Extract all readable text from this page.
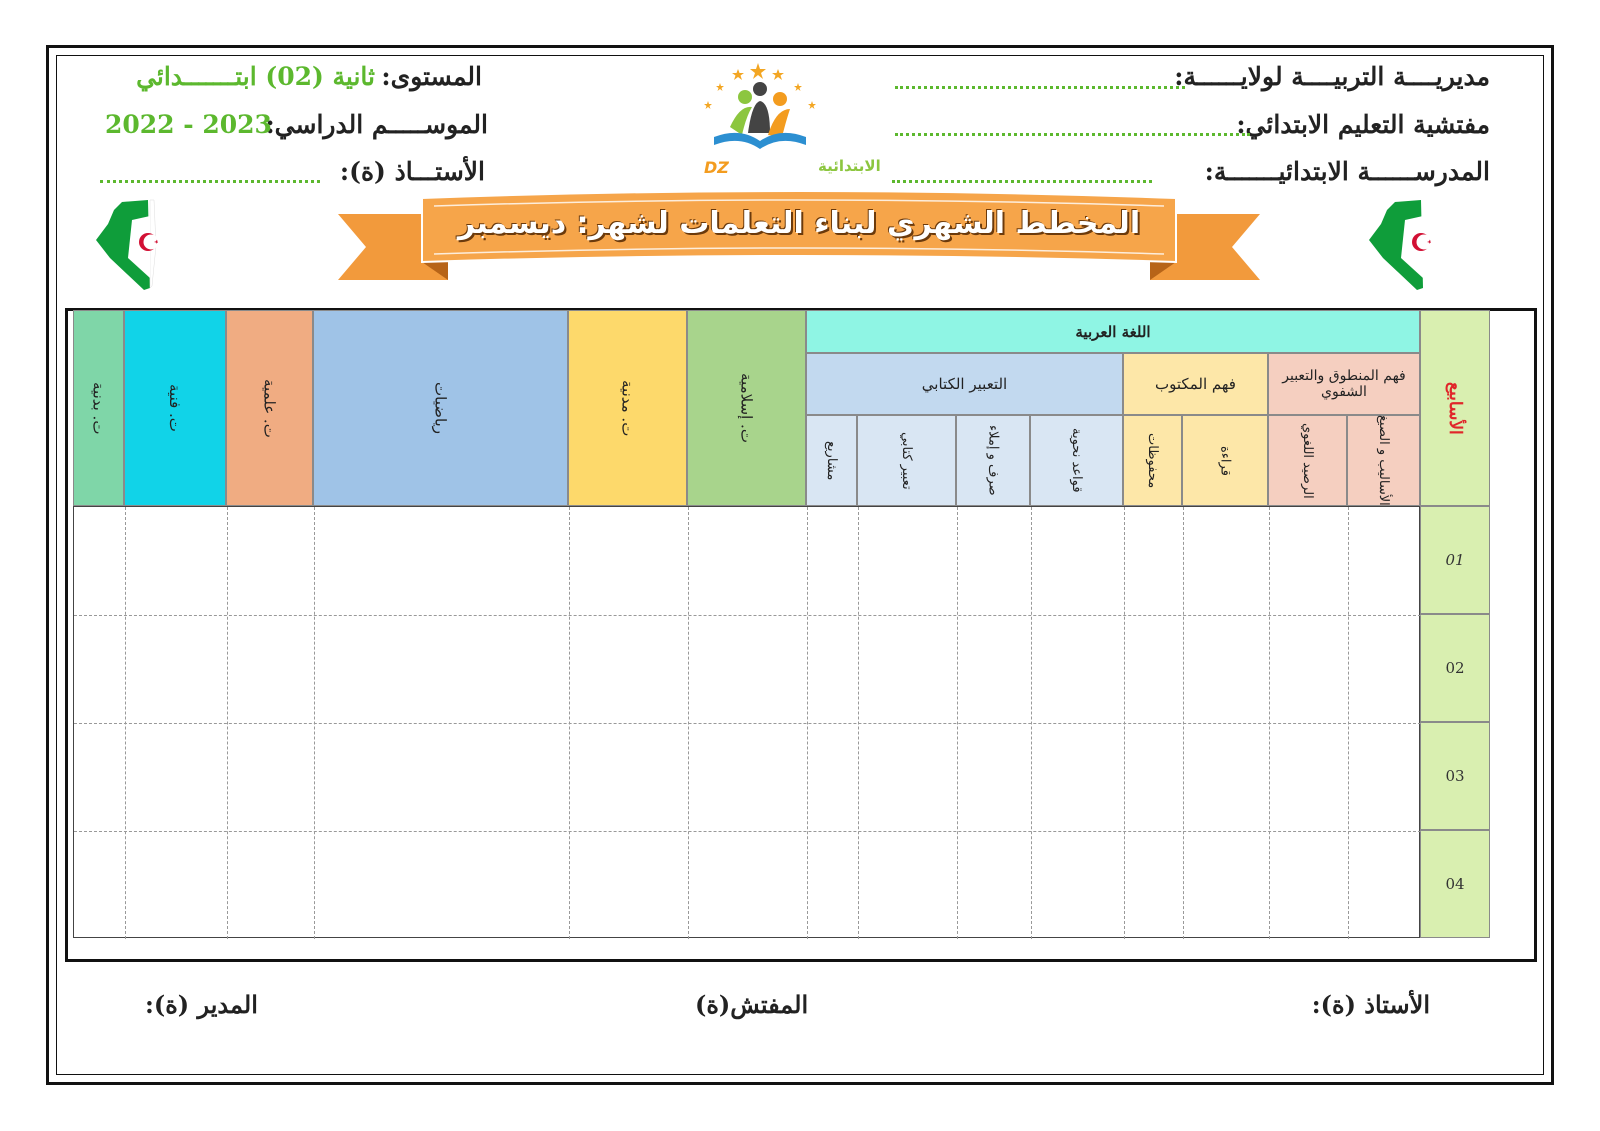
مديريــــة التربيــــة لولايــــــة:
مفتشية التعليم الابتدائي:
المدرســــــة الابتدائيـــــــة:
المستوى:
ثانية (02) ابتـــــــدائي
الموســـــم الدراسي:
2022 - 2023
الأستـــاذ (ة):	DZ	الابتدائية
المخطط الشهري لبناء التعلمات لشهر: ديسمبر
الأسابيع
اللغة العربية
فهم المنطوق والتعبير الشفوي
فهم المكتوب
التعبير الكتابي
الأساليب و الصيغ
الرصيد اللغوي
قراءة
محفوظات
قواعد نحوية
صرف و إملاء
تعبير كتابي
مشاريع
ت. إسلامية
ت. مدنية
رياضيات
ت. علمية
ت. فنية
ت. بدنية
01
02
03
04
الأستاذ (ة):
المفتش(ة)
المدير (ة):
